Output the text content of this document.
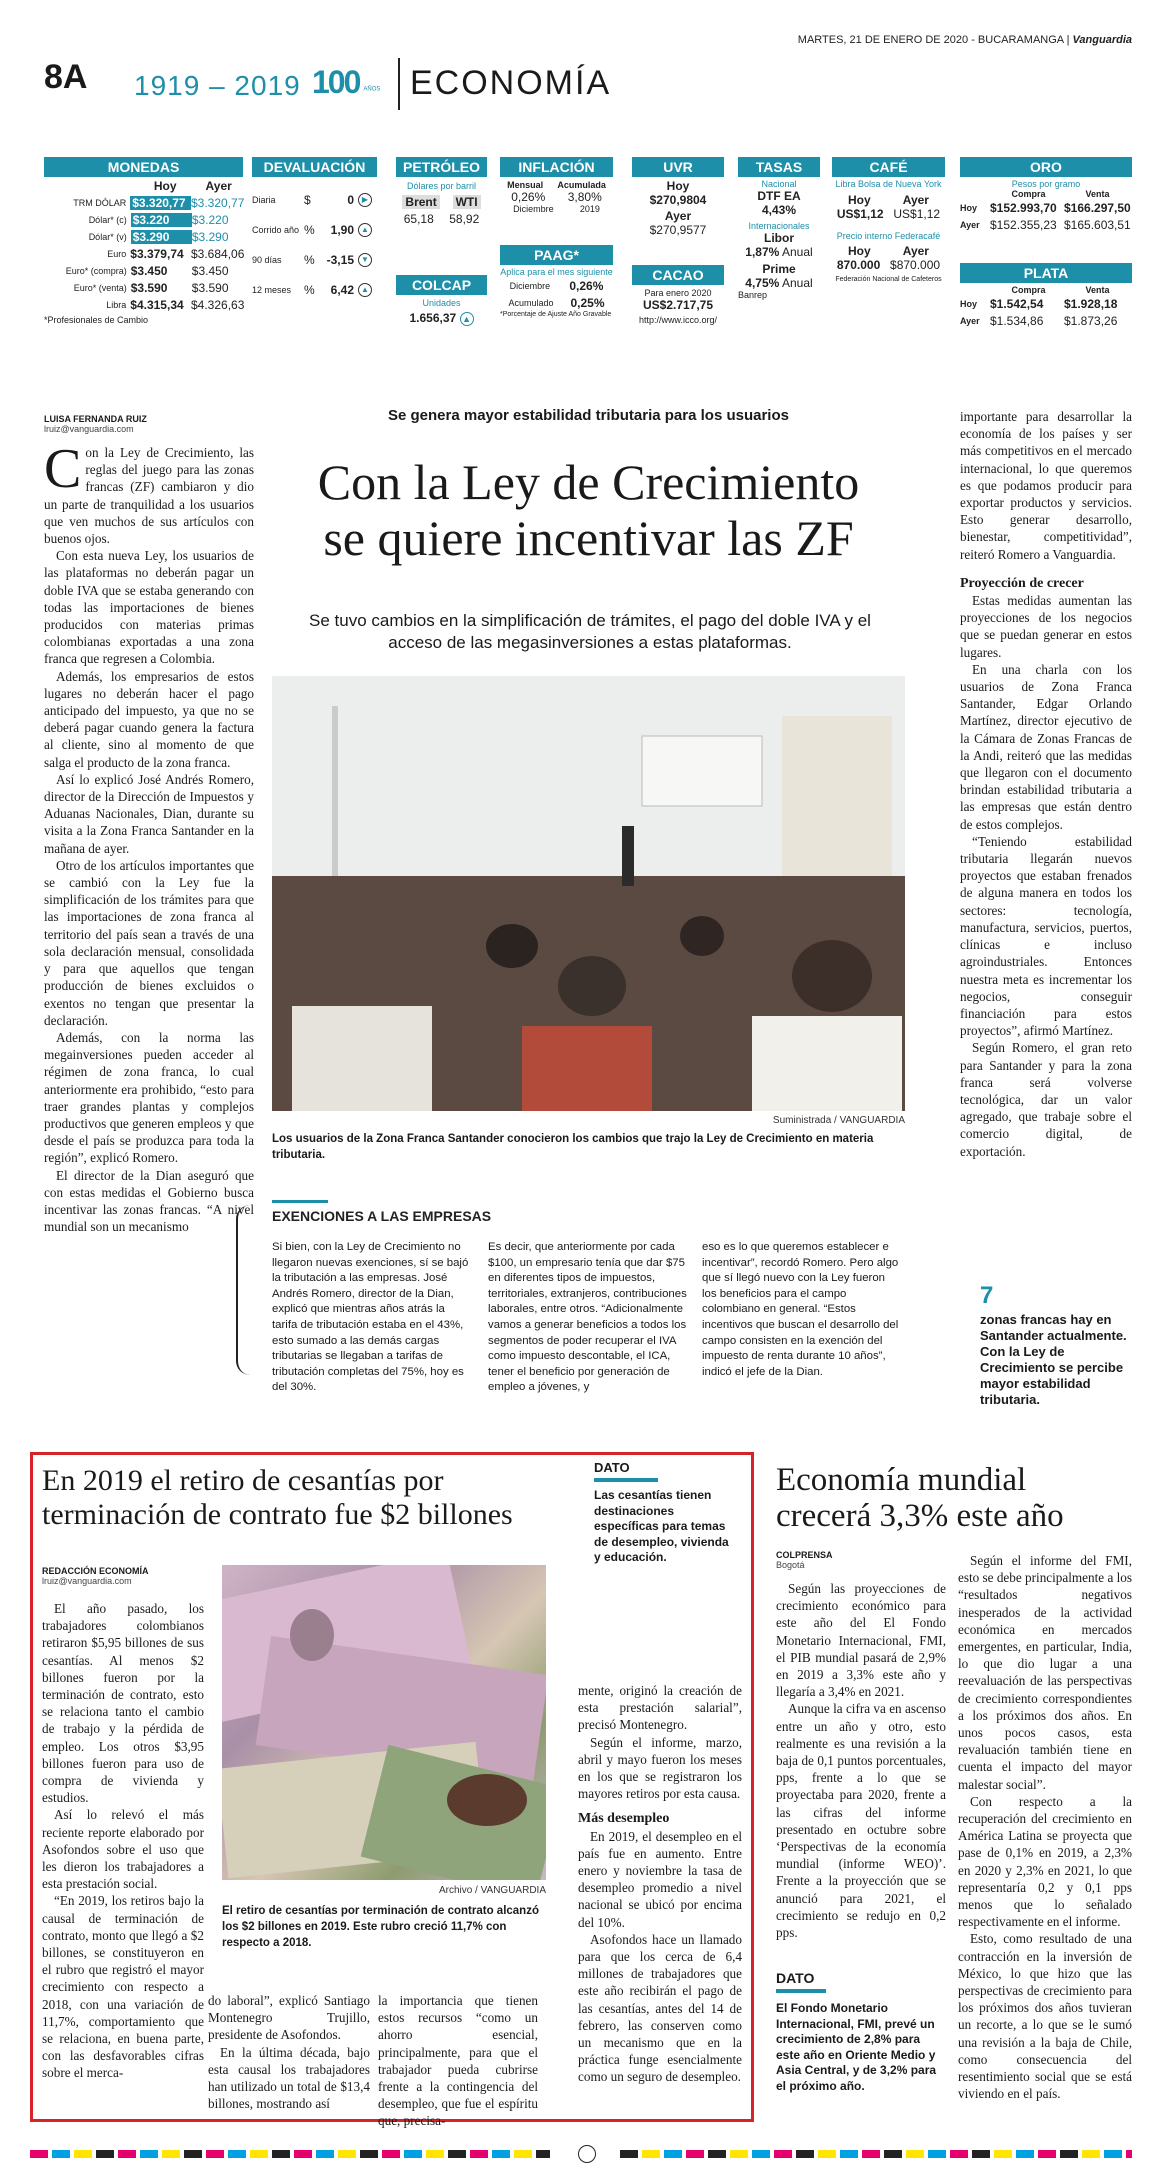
MARTES, 21 DE ENERO DE 2020 - BUCARAMANGA | Vanguardia
8A 1919 – 2019 100 AÑOS ECONOMÍA
MONEDAS
Hoy	Ayer
TRM DÓLAR $3.320,77 $3.320,77
Dólar* (c) $3.220	$3.220
Dólar* (v) $3.290	$3.290
Euro $3.379,74 $3.684,06
Euro* (compra) $3.450	$3.450
Euro* (venta) $3.590	$3.590
Libra $4.315,34 $4.326,63
*Profesionales de Cambio
DEVALUACIÓN
Diaria	$	0 ▶
Corrido año %	1,90 ▲
90 días	% -3,15 ▼
12 meses	%	6,42 ▲
PETRÓLEO
Dólares por barril
Brent WTI
65,18 58,92
COLCAP
Unidades
1.656,37 ▲
INFLACIÓN
Mensual Acumulada
0,26% 3,80%
Diciembre	2019
PAAG*
Aplica para el mes siguiente
Diciembre 0,26%
Acumulado 0,25%
*Porcentaje de Ajuste Año Gravable
UVR
Hoy
$270,9804
Ayer
$270,9577
CACAO
Para enero 2020
US$2.717,75
http://www.icco.org/
TASAS
Nacional
DTF EA
4,43%
Internacionales
Libor
1,87% Anual
Prime
4,75% Anual
Banrep
CAFÉ
Libra Bolsa de Nueva York
Hoy	Ayer
US$1,12 US$1,12
Precio interno Federacafé
Hoy	Ayer
870.000 $870.000
Federación Nacional de Cafeteros
ORO
Pesos por gramo
Compra	Venta
Hoy	$152.993,70 $166.297,50
Ayer $152.355,23 $165.603,51
PLATA
Compra	Venta
Hoy	$1.542,54	$1.928,18
Ayer $1.534,86	$1.873,26
LUISA FERNANDA RUIZ
lruiz@vanguardia.com
C on la Ley de Crecimiento, las reglas del juego para las zonas francas (ZF) cambiaron y dio un parte de tranquilidad a los usuarios que ven muchos de sus artículos con buenos ojos.

Con esta nueva Ley, los usuarios de las plataformas no deberán pagar un doble IVA que se estaba generando con todas las importaciones de bienes producidos con materias primas colombianas exportadas a una zona franca que regresen a Colombia.

Además, los empresarios de estos lugares no deberán hacer el pago anticipado del impuesto, ya que no se deberá pagar cuando genera la factura al cliente, sino al momento de que salga el producto de la zona franca.

Así lo explicó José Andrés Romero, director de la Dirección de Impuestos y Aduanas Nacionales, Dian, durante su visita a la Zona Franca Santander en la mañana de ayer.

Otro de los artículos importantes que se cambió con la Ley fue la simplificación de los trámites para que las importaciones de zona franca al territorio del país sean a través de una sola declaración mensual, consolidada y para que aquellos que tengan producción de bienes excluidos o exentos no tengan que presentar la declaración.

Además, con la norma las megainversiones pueden acceder al régimen de zona franca, lo cual anteriormente era prohibido, “esto para traer grandes plantas y complejos productivos que generen empleos y que desde el país se produzca para toda la región”, explicó Romero.

El director de la Dian aseguró que con estas medidas el Gobierno busca incentivar las zonas francas. “A nivel mundial son un mecanismo

Se genera mayor estabilidad tributaria para los usuarios
Con la Ley de Crecimiento
se quiere incentivar las ZF
Se tuvo cambios en la simplificación de trámites, el pago del doble IVA y el acceso de las megasinversiones a estas plataformas.
Suministrada / VANGUARDIA
Los usuarios de la Zona Franca Santander conocieron los cambios que trajo la Ley de Crecimiento en materia tributaria.

importante para desarrollar la economía de los países y ser más competitivos en el mercado internacional, lo que queremos es que podamos producir para exportar productos y servicios. Esto generar desarrollo, bienestar, competitividad”, reiteró Romero a Vanguardia.

Proyección de crecer

Estas medidas aumentan las proyecciones de los negocios que se puedan generar en estos lugares.

En una charla con los usuarios de Zona Franca Santander, Edgar Orlando Martínez, director ejecutivo de la Cámara de Zonas Francas de la Andi, reiteró que las medidas que llegaron con el documento brindan estabilidad tributaria a las empresas que están dentro de estos complejos.

“Teniendo estabilidad tributaria llegarán nuevos proyectos que estaban frenados de alguna manera en todos los sectores: tecnología, manufactura, servicios, puertos, clínicas e incluso agroindustriales. Entonces nuestra meta es incrementar los negocios, conseguir financiación para estos proyectos”, afirmó Martínez.

Según Romero, el gran reto para Santander y para la zona franca será volverse tecnológica, dar un valor agregado, que trabaje sobre el comercio digital, de exportación.

EXENCIONES A LAS EMPRESAS
Si bien, con la Ley de Crecimiento no llegaron nuevas exenciones, sí se bajó la tributación a las empresas. José Andrés Romero, director de la Dian, explicó que mientras años atrás la tarifa de tributación estaba en el 43%, esto sumado a las demás cargas tributarias se llegaban a tarifas de tributación completas del 75%, hoy es del 30%.
Es decir, que anteriormente por cada $100, un empresario tenía que dar $75 en diferentes tipos de impuestos, territoriales, extranjeros, contribuciones laborales, entre otros. “Adicionalmente vamos a generar beneficios a todos los segmentos de poder recuperar el IVA como impuesto descontable, el ICA, tener el beneficio por generación de empleo a jóvenes, y
eso es lo que queremos establecer e incentivar”, recordó Romero. Pero algo que sí llegó nuevo con la Ley fueron los beneficios para el campo colombiano en general. “Estos incentivos que buscan el desarrollo del campo consisten en la exención del impuesto de renta durante 10 años”, indicó el jefe de la Dian.
7
zonas francas hay en Santander actualmente. Con la Ley de Crecimiento se percibe mayor estabilidad tributaria.
En 2019 el retiro de cesantías por terminación de contrato fue $2 billones
REDACCIÓN ECONOMÍA
lruiz@vanguardia.com
DATO
Las cesantías tienen destinaciones específicas para temas de desempleo, vivienda y educación.

El año pasado, los trabajadores colombianos retiraron $5,95 billones de sus cesantías. Al menos $2 billones fueron por la terminación de contrato, esto se relaciona tanto el cambio de trabajo y la pérdida de empleo. Los otros $3,95 billones fueron para uso de compra de vivienda y estudios.

Así lo relevó el más reciente reporte elaborado por Asofondos sobre el uso que les dieron los trabajadores a esta prestación social.

“En 2019, los retiros bajo la causal de terminación de contrato, monto que llegó a $2 billones, se constituyeron en el rubro que registró el mayor crecimiento con respecto a 2018, con una variación de 11,7%, comportamiento que se relaciona, en buena parte, con las desfavorables cifras sobre el merca-

Archivo / VANGUARDIA
El retiro de cesantías por terminación de contrato alcanzó los $2 billones en 2019. Este rubro creció 11,7% con respecto a 2018.

do laboral”, explicó Santiago Montenegro Trujillo, presidente de Asofondos.

En la última década, bajo esta causal los trabajadores han utilizado un total de $13,4 billones, mostrando así

la importancia que tienen estos recursos “como un ahorro esencial, principalmente, para que el trabajador pueda cubrirse frente a la contingencia del desempleo, que fue el espíritu que, precisa-

mente, originó la creación de esta prestación salarial”, precisó Montenegro.

Según el informe, marzo, abril y mayo fueron los meses en los que se registraron los mayores retiros por esta causa.

Más desempleo

En 2019, el desempleo en el país fue en aumento. Entre enero y noviembre la tasa de desempleo promedio a nivel nacional se ubicó por encima del 10%.

Asofondos hace un llamado para que los cerca de 6,4 millones de trabajadores que este año recibirán el pago de las cesantías, antes del 14 de febrero, las conserven como un mecanismo que en la práctica funge esencialmente como un seguro de desempleo.

Economía mundial crecerá 3,3% este año
COLPRENSA
Bogotá

Según las proyecciones de crecimiento económico para este año del El Fondo Monetario Internacional, FMI, el PIB mundial pasará de 2,9% en 2019 a 3,3% este año y llegaría a 3,4% en 2021.

Aunque la cifra va en ascenso entre un año y otro, esto realmente es una revisión a la baja de 0,1 puntos porcentuales, pps, frente a lo que se proyectaba para 2020, frente a las cifras del informe presentado en octubre sobre ‘Perspectivas de la economía mundial (informe WEO)’. Frente a la proyección que se anunció para 2021, el crecimiento se redujo en 0,2 pps.

DATO
El Fondo Monetario Internacional, FMI, prevé un crecimiento de 2,8% para este año en Oriente Medio y Asia Central, y de 3,2% para el próximo año.

Según el informe del FMI, esto se debe principalmente a los “resultados negativos inesperados de la actividad económica en mercados emergentes, en particular, India, lo que dio lugar a una reevaluación de las perspectivas de crecimiento correspondientes a los próximos dos años. En unos pocos casos, esta revaluación también tiene en cuenta el impacto del mayor malestar social”.

Con respecto a la recuperación del crecimiento en América Latina se proyecta que pase de 0,1% en 2019, a 2,3% en 2020 y 2,3% en 2021, lo que representaría 0,2 y 0,1 pps menos que lo señalado respectivamente en el informe.

Esto, como resultado de una contracción en la inversión de México, lo que hizo que las perspectivas de crecimiento para los próximos dos años tuvieran un recorte, a lo que se le sumó una revisión a la baja de Chile, como consecuencia del resentimiento social que se está viviendo en el país.
